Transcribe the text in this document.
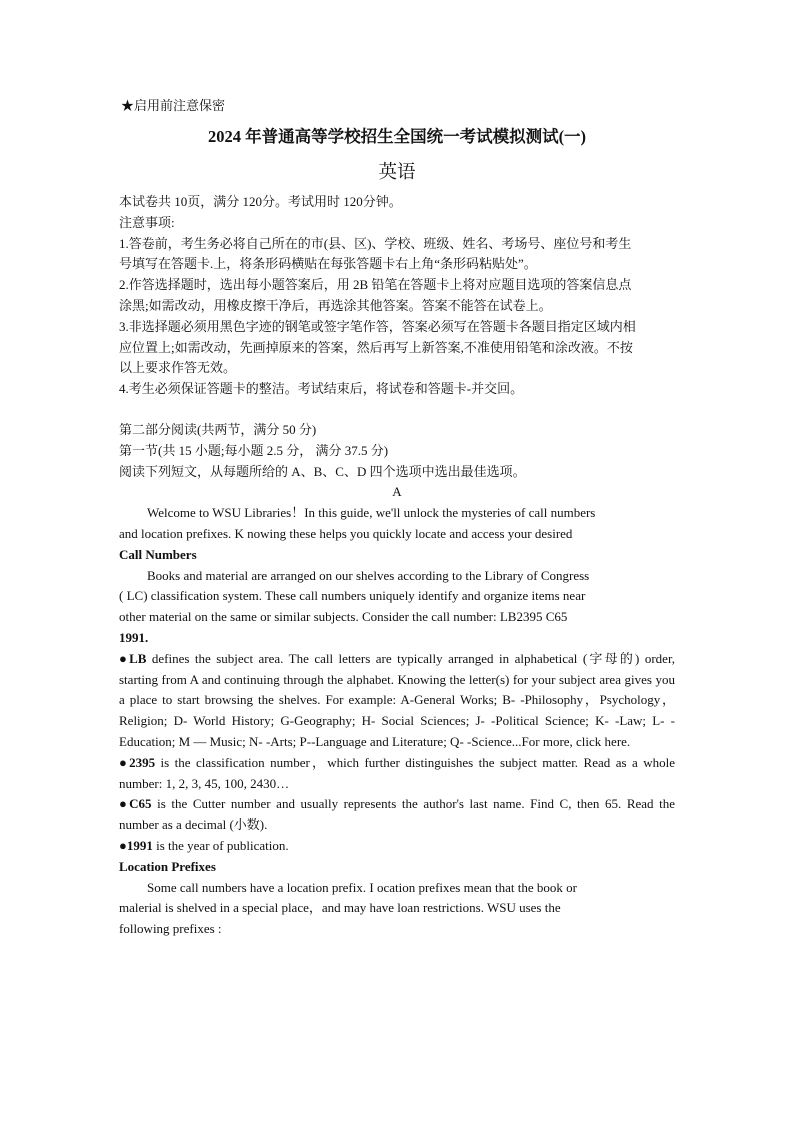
★启用前注意保密
2024 年普通高等学校招生全国统一考试模拟测试(一)
英语
本试卷共 10页，满分 120分。考试用时 120分钟。
注意事项:
1.答卷前，考生务必将自己所在的市(县、区)、学校、班级、姓名、考场号、座位号和考生
号填写在答题卡.上，将条形码横贴在每张答题卡右上角“条形码粘贴处”。
2.作答选择题时，选出每小题答案后，用 2B 铅笔在答题卡上将对应题目选项的答案信息点
涂黑;如需改动，用橡皮擦干净后，再选涂其他答案。答案不能答在试卷上。
3.非选择题必须用黑色字迹的钢笔或签字笔作答，答案必须写在答题卡各题目指定区域内相
应位置上;如需改动，先画掉原来的答案，然后再写上新答案,不准使用铅笔和涂改液。不按
以上要求作答无效。
4.考生必须保证答题卡的整洁。考试结束后，将试卷和答题卡-并交回。
第二部分阅读(共两节，满分 50 分)
第一节(共 15 小题;每小题 2.5 分， 满分 37.5 分)
阅读下列短文，从每题所给的 A、B、C、D 四个选项中选出最佳选项。
A
Welcome to WSU Libraries！In this guide, we'll unlock the mysteries of call numbers
and location prefixes. K nowing these helps you quickly locate and access your desired
Call Numbers
Books and material are arranged on our shelves according to the Library of Congress
( LC) classification system. These call numbers uniquely identify and organize items near
other material on the same or similar subjects. Consider the call number: LB2395 C65
1991.

●LB defines the subject area. The call letters are typically arranged in alphabetical (字母的) order, starting from A and continuing through the alphabet. Knowing the letter(s) for your subject area gives you a place to start browsing the shelves. For example: A-General Works; B- -Philosophy，Psychology， Religion; D- World History; G-Geography; H- Social Sciences; J- -Political Science; K- -Law; L- -Education; M — Music; N- -Arts; P--Language and Literature; Q- -Science...For more, click here.

●2395 is the classification number，which further distinguishes the subject matter. Read as a whole number: 1, 2, 3, 45, 100, 2430…

●C65 is the Cutter number and usually represents the author's last name. Find C, then 65. Read the number as a decimal (小数).

●1991 is the year of publication.

Location Prefixes
Some call numbers have a location prefix. I ocation prefixes mean that the book or
malerial is shelved in a special place，and may have loan restrictions. WSU uses the
following prefixes :
